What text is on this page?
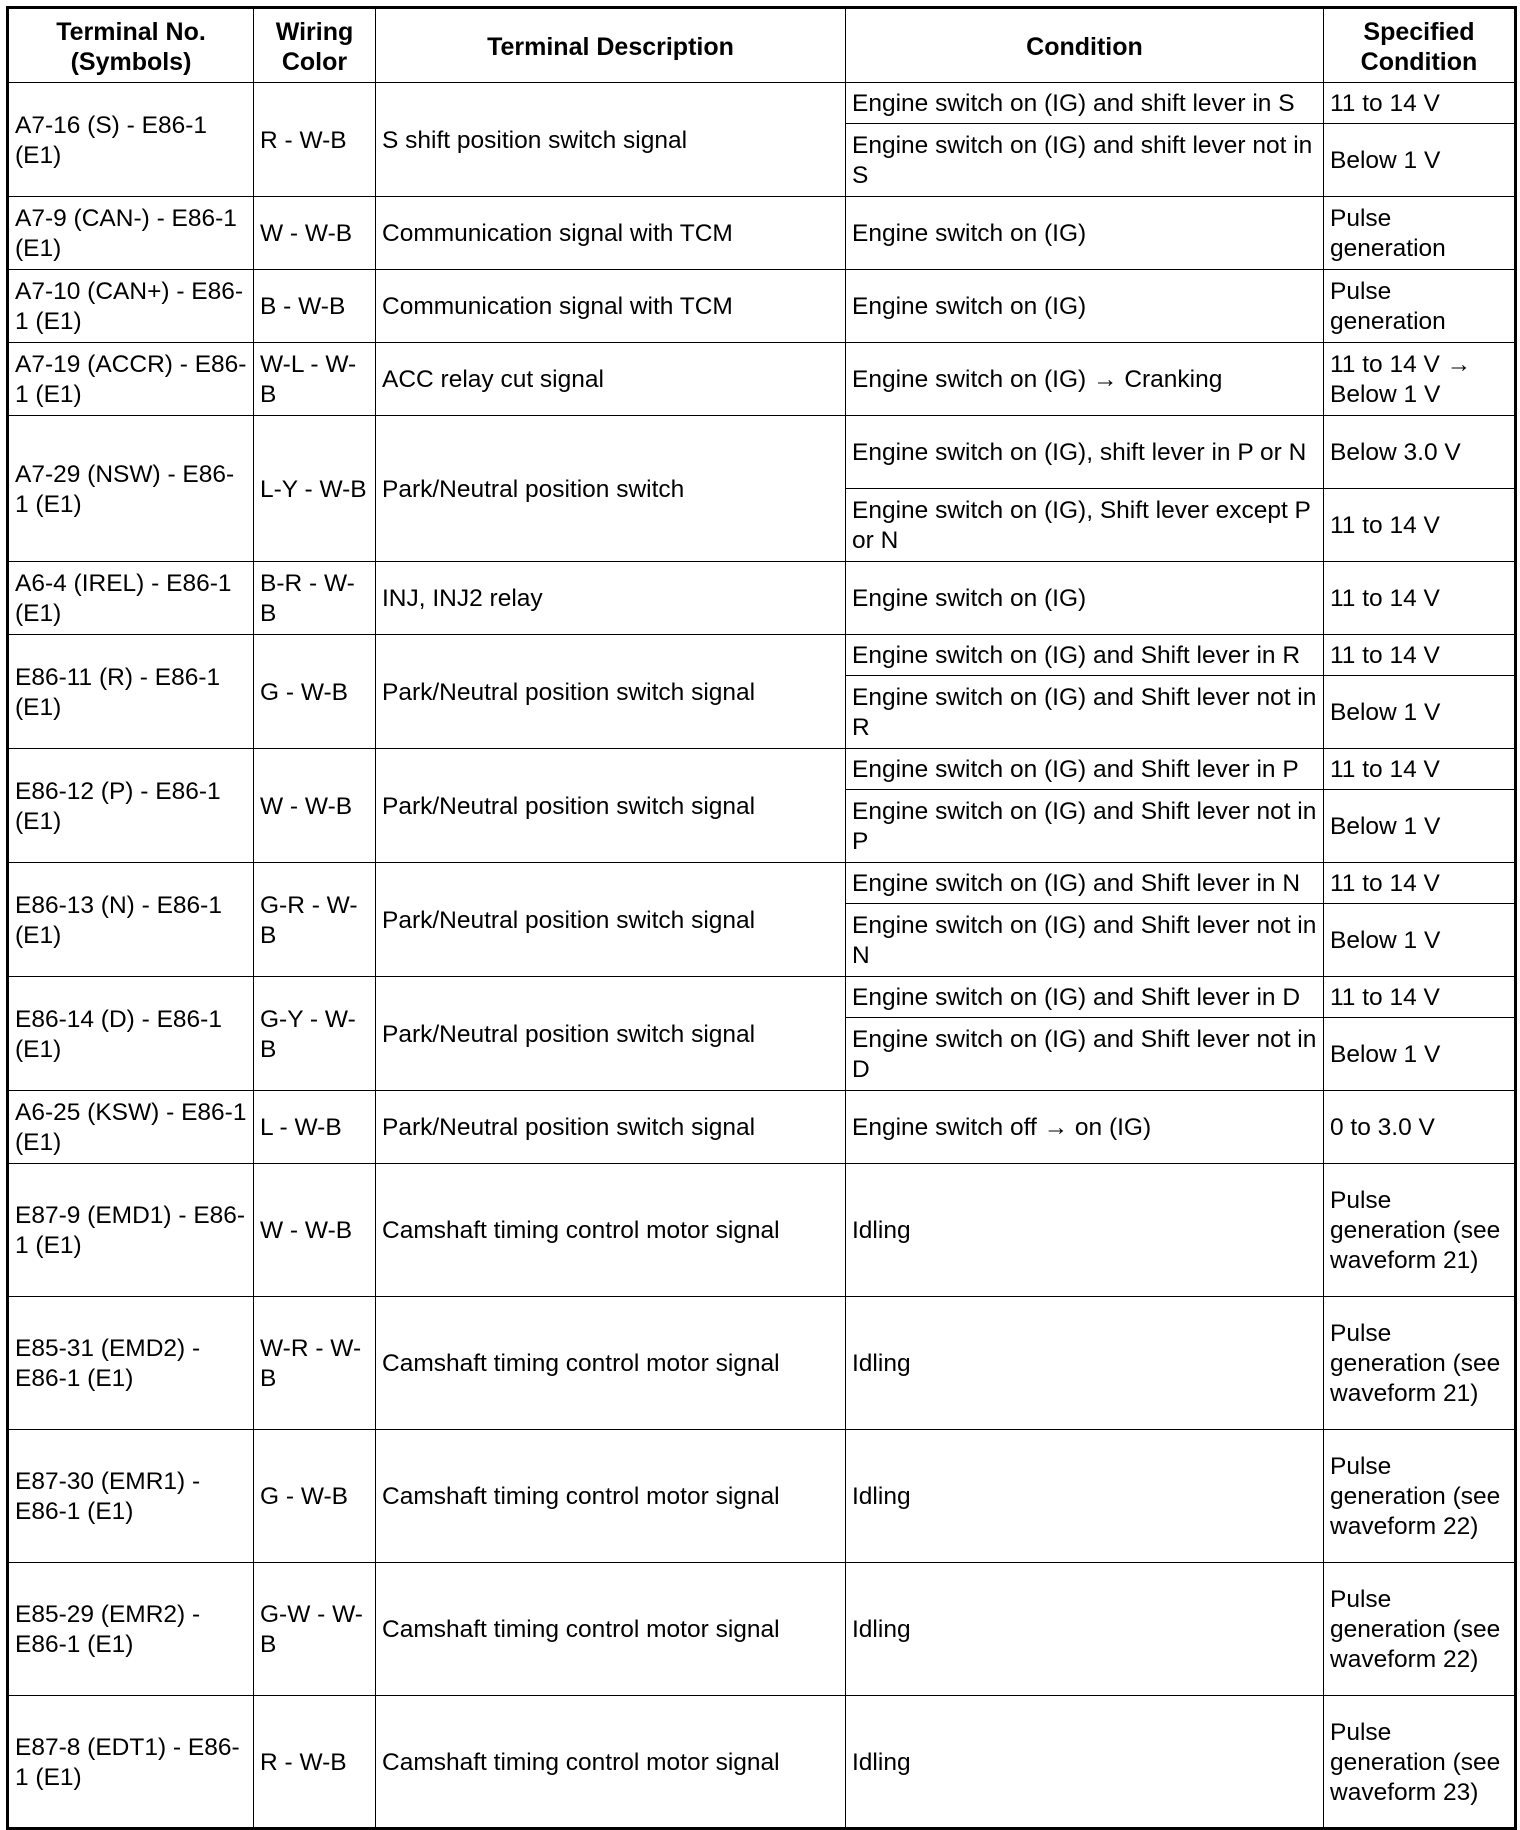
Terminal No. (Symbols)	Wiring Color	Terminal Description	Condition	Specified Condition
A7-16 (S) - E86-1 (E1)	R - W-B	S shift position switch signal	Engine switch on (IG) and shift lever in S	11 to 14 V
			Engine switch on (IG) and shift lever not in S	Below 1 V
A7-9 (CAN-) - E86-1 (E1)	W - W-B	Communication signal with TCM	Engine switch on (IG)	Pulse generation
A7-10 (CAN+) - E86-1 (E1)	B - W-B	Communication signal with TCM	Engine switch on (IG)	Pulse generation
A7-19 (ACCR) - E86-1 (E1)	W-L - W-B	ACC relay cut signal	Engine switch on (IG) → Cranking	11 to 14 V → Below 1 V
A7-29 (NSW) - E86-1 (E1)	L-Y - W-B	Park/Neutral position switch	Engine switch on (IG), shift lever in P or N	Below 3.0 V
			Engine switch on (IG), Shift lever except P or N	11 to 14 V
A6-4 (IREL) - E86-1 (E1)	B-R - W-B	INJ, INJ2 relay	Engine switch on (IG)	11 to 14 V
E86-11 (R) - E86-1 (E1)	G - W-B	Park/Neutral position switch signal	Engine switch on (IG) and Shift lever in R	11 to 14 V
			Engine switch on (IG) and Shift lever not in R	Below 1 V
E86-12 (P) - E86-1 (E1)	W - W-B	Park/Neutral position switch signal	Engine switch on (IG) and Shift lever in P	11 to 14 V
			Engine switch on (IG) and Shift lever not in P	Below 1 V
E86-13 (N) - E86-1 (E1)	G-R - W-B	Park/Neutral position switch signal	Engine switch on (IG) and Shift lever in N	11 to 14 V
			Engine switch on (IG) and Shift lever not in N	Below 1 V
E86-14 (D) - E86-1 (E1)	G-Y - W-B	Park/Neutral position switch signal	Engine switch on (IG) and Shift lever in D	11 to 14 V
			Engine switch on (IG) and Shift lever not in D	Below 1 V
A6-25 (KSW) - E86-1 (E1)	L - W-B	Park/Neutral position switch signal	Engine switch off → on (IG)	0 to 3.0 V
E87-9 (EMD1) - E86-1 (E1)	W - W-B	Camshaft timing control motor signal	Idling	Pulse generation (see waveform 21)
E85-31 (EMD2) - E86-1 (E1)	W-R - W-B	Camshaft timing control motor signal	Idling	Pulse generation (see waveform 21)
E87-30 (EMR1) - E86-1 (E1)	G - W-B	Camshaft timing control motor signal	Idling	Pulse generation (see waveform 22)
E85-29 (EMR2) - E86-1 (E1)	G-W - W-B	Camshaft timing control motor signal	Idling	Pulse generation (see waveform 22)
E87-8 (EDT1) - E86-1 (E1)	R - W-B	Camshaft timing control motor signal	Idling	Pulse generation (see waveform 23)
